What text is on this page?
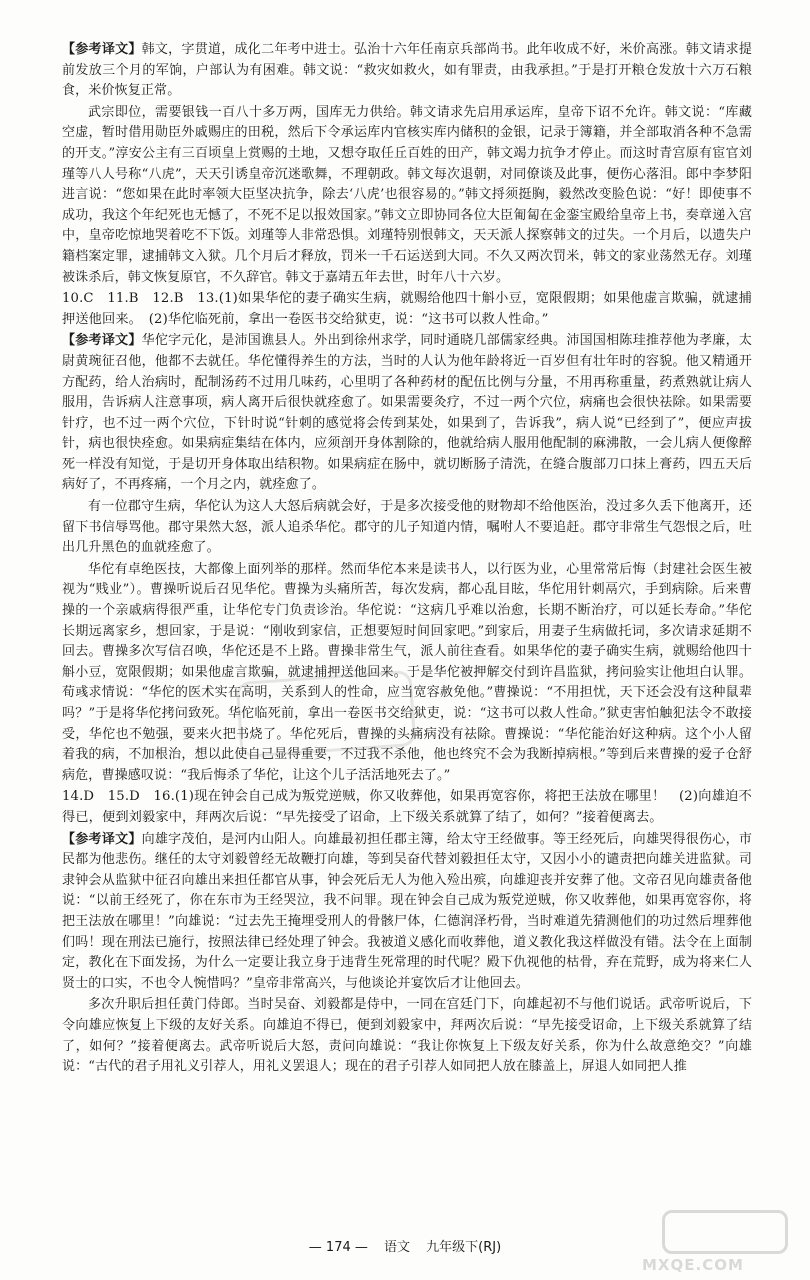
【参考译文】韩文，字贯道，成化二年考中进士。弘治十六年任南京兵部尚书。此年收成不好，米价高涨。韩文请求提前发放三个月的军饷，户部认为有困难。韩文说：“救灾如救火，如有罪责，由我承担。”于是打开粮仓发放十六万石粮食，米价恢复正常。

武宗即位，需要银钱一百八十多万两，国库无力供给。韩文请求先启用承运库，皇帝下诏不允许。韩文说：“库藏空虚，暂时借用勋臣外戚赐庄的田税，然后下令承运库内官核实库内储积的金银，记录于簿籍，并全部取消各种不急需的开支。”淳安公主有三百顷皇上赏赐的土地，又想夺取任丘百姓的田产，韩文竭力抗争才停止。而这时青宫原有宦官刘瑾等八人号称“八虎”，天天引诱皇帝沉迷歌舞，不理朝政。韩文每次退朝，对同僚谈及此事，便伤心落泪。郎中李梦阳进言说：“您如果在此时率领大臣坚决抗争，除去‘八虎’也很容易的。”韩文捋须挺胸，毅然改变脸色说：“好！即使事不成功，我这个年纪死也无憾了，不死不足以报效国家。”韩文立即协同各位大臣匍匐在金銮宝殿给皇帝上书，奏章递入宫中，皇帝吃惊地哭着吃不下饭。刘瑾等人非常恐惧。刘瑾特别恨韩文，天天派人探察韩文的过失。一个月后，以遗失户籍档案定罪，逮捕韩文入狱。几个月后才释放，罚米一千石运送到大同。不久又两次罚米，韩文的家业荡然无存。刘瑾被诛杀后，韩文恢复原官，不久辞官。韩文于嘉靖五年去世，时年八十六岁。

10.C　11.B　12.B　13.(1)如果华佗的妻子确实生病，就赐给他四十斛小豆，宽限假期；如果他虚言欺骗，就逮捕押送他回来。　(2)华佗临死前，拿出一卷医书交给狱吏，说：“这书可以救人性命。”

【参考译文】华佗字元化，是沛国谯县人。外出到徐州求学，同时通晓几部儒家经典。沛国国相陈珪推荐他为孝廉，太尉黄琬征召他，他都不去就任。华佗懂得养生的方法，当时的人认为他年龄将近一百岁但有壮年时的容貌。他又精通开方配药，给人治病时，配制汤药不过用几味药，心里明了各种药材的配伍比例与分量，不用再称重量，药煮熟就让病人服用，告诉病人注意事项，病人离开后很快就痊愈了。如果需要灸疗，不过一两个穴位，病痛也会很快祛除。如果需要针疗，也不过一两个穴位，下针时说“针刺的感觉将会传到某处，如果到了，告诉我”，病人说“已经到了”，便应声拔针，病也很快痊愈。如果病症集结在体内，应须剖开身体割除的，他就给病人服用他配制的麻沸散，一会儿病人便像醉死一样没有知觉，于是切开身体取出结积物。如果病症在肠中，就切断肠子清洗，在缝合腹部刀口抹上膏药，四五天后病好了，不再疼痛，一个月之内，就痊愈了。

有一位郡守生病，华佗认为这人大怒后病就会好，于是多次接受他的财物却不给他医治，没过多久丢下他离开，还留下书信辱骂他。郡守果然大怒，派人追杀华佗。郡守的儿子知道内情，嘱咐人不要追赶。郡守非常生气怨恨之后，吐出几升黑色的血就痊愈了。

华佗有卓绝医技，大都像上面列举的那样。然而华佗本来是读书人，以行医为业，心里常常后悔（封建社会医生被视为“贱业”）。曹操听说后召见华佗。曹操为头痛所苦，每次发病，都心乱目眩，华佗用针刺鬲穴，手到病除。后来曹操的一个亲戚病得很严重，让华佗专门负责诊治。华佗说：“这病几乎难以治愈，长期不断治疗，可以延长寿命。”华佗长期远离家乡，想回家，于是说：“刚收到家信，正想要短时间回家吧。”到家后，用妻子生病做托词，多次请求延期不回去。曹操多次写信召唤，华佗还是不上路。曹操非常生气，派人前往查看。如果华佗的妻子确实生病，就赐给他四十斛小豆，宽限假期；如果他虚言欺骗，就逮捕押送他回来。于是华佗被押解交付到许昌监狱，拷问验实让他坦白认罪。荀彧求情说：“华佗的医术实在高明，关系到人的性命，应当宽容赦免他。”曹操说：“不用担忧，天下还会没有这种鼠辈吗？”于是将华佗拷问致死。华佗临死前，拿出一卷医书交给狱吏，说：“这书可以救人性命。”狱吏害怕触犯法令不敢接受，华佗也不勉强，要来火把书烧了。华佗死后，曹操的头痛病没有祛除。曹操说：“华佗能治好这种病。这个小人留着我的病，不加根治，想以此使自己显得重要，不过我不杀他，他也终究不会为我断掉病根。”等到后来曹操的爱子仓舒病危，曹操感叹说：“我后悔杀了华佗，让这个儿子活活地死去了。”

14.D　15.D　16.(1)现在钟会自己成为叛党逆贼，你又收葬他，如果再宽容你，将把王法放在哪里！　(2)向雄迫不得已，便到刘毅家中，拜两次后说：“早先接受了诏命，上下级关系就算了结了，如何？”接着便离去。

【参考译文】向雄字茂伯，是河内山阳人。向雄最初担任郡主簿，给太守王经做事。等王经死后，向雄哭得很伤心，市民都为他悲伤。继任的太守刘毅曾经无故鞭打向雄，等到吴奋代替刘毅担任太守，又因小小的谴责把向雄关进监狱。司隶钟会从监狱中征召向雄出来担任都官从事，钟会死后无人为他入殓出殡，向雄迎丧并安葬了他。文帝召见向雄责备他说：“以前王经死了，你在东市为王经哭泣，我不问罪。现在钟会自己成为叛党逆贼，你又收葬他，如果再宽容你，将把王法放在哪里！”向雄说：“过去先王掩埋受刑人的骨骸尸体，仁德润泽朽骨，当时难道先猜测他们的功过然后埋葬他们吗！现在刑法已施行，按照法律已经处理了钟会。我被道义感化而收葬他，道义教化我这样做没有错。法令在上面制定，教化在下面发扬，为什么一定要让我立身于违背生死常理的时代呢？殿下仇视他的枯骨，弃在荒野，成为将来仁人贤士的口实，不也令人惋惜吗？”皇帝非常高兴，与他谈论并宴饮后才让他回去。

多次升职后担任黄门侍郎。当时吴奋、刘毅都是侍中，一同在宫廷门下，向雄起初不与他们说话。武帝听说后，下令向雄应恢复上下级的友好关系。向雄迫不得已，便到刘毅家中，拜两次后说：“早先接受诏命，上下级关系就算了结了，如何？”接着便离去。武帝听说后大怒，责问向雄说：“我让你恢复上下级友好关系，你为什么故意绝交？”向雄说：“古代的君子用礼义引荐人，用礼义罢退人；现在的君子引荐人如同把人放在膝盖上，屏退人如同把人推

— 174 — 语文 九年级下(RJ)
MXQE.COM
